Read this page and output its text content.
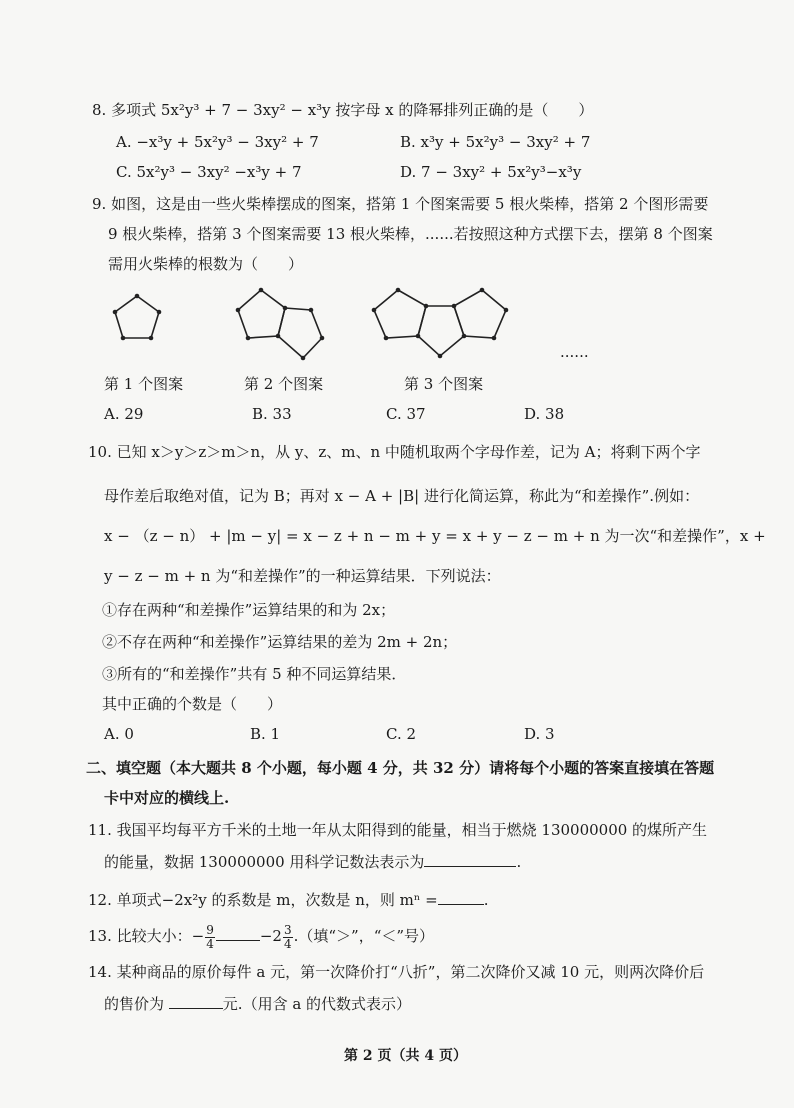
8. 多项式 5x²y³ + 7 − 3xy² − x³y 按字母 x 的降幂排列正确的是（　　）
A. −x³y + 5x²y³ − 3xy² + 7	B. x³y + 5x²y³ − 3xy² + 7
C. 5x²y³ − 3xy² −x³y + 7	D. 7 − 3xy² + 5x²y³−x³y
9. 如图，这是由一些火柴棒摆成的图案，搭第 1 个图案需要 5 根火柴棒，搭第 2 个图形需要
9 根火柴棒，搭第 3 个图案需要 13 根火柴棒，......若按照这种方式摆下去，摆第 8 个图案
需用火柴棒的根数为（　　）
......
第 1 个图案	第 2 个图案	第 3 个图案
A. 29	B. 33	C. 37	D. 38
10. 已知 x＞y＞z＞m＞n，从 y、z、m、n 中随机取两个字母作差，记为 A；将剩下两个字
母作差后取绝对值，记为 B；再对 x − A + |B| 进行化简运算，称此为“和差操作”.例如：
x − （z − n） + |m − y| = x − z + n − m + y = x + y − z − m + n 为一次“和差操作”，x +
y − z − m + n 为“和差操作”的一种运算结果．下列说法：
①存在两种“和差操作”运算结果的和为 2x；
②不存在两种“和差操作”运算结果的差为 2m + 2n；
③所有的“和差操作”共有 5 种不同运算结果．
其中正确的个数是（　　）
A. 0	B. 1	C. 2	D. 3
二、填空题（本大题共 8 个小题，每小题 4 分，共 32 分）请将每个小题的答案直接填在答题
卡中对应的横线上.
11. 我国平均每平方千米的土地一年从太阳得到的能量，相当于燃烧 130000000 的煤所产生
的能量，数据 130000000 用科学记数法表示为	.
12. 单项式−2x²y 的系数是 m，次数是 n，则 mⁿ =	.
13. 比较大小：− $\frac{9}{4}$	$-2 \frac{3}{4}$ .（填“＞”，“＜”号）
14. 某种商品的原价每件 a 元，第一次降价打“八折”，第二次降价又减 10 元，则两次降价后
的售价为	元.（用含 a 的代数式表示）
第 2 页（共 4 页）
